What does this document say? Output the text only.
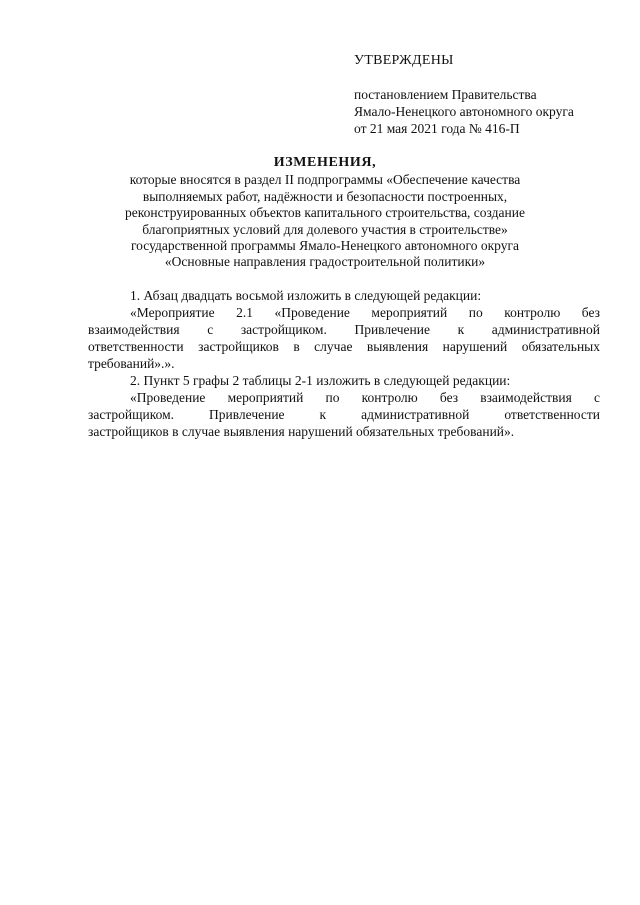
УТВЕРЖДЕНЫ
постановлением Правительства
Ямало-Ненецкого автономного округа
от 21 мая 2021 года № 416-П
ИЗМЕНЕНИЯ,
которые вносятся в раздел II подпрограммы «Обеспечение качества
выполняемых работ, надёжности и безопасности построенных,
реконструированных объектов капитального строительства, создание
благоприятных условий для долевого участия в строительстве»
государственной программы Ямало-Ненецкого автономного округа
«Основные направления градостроительной политики»
1. Абзац двадцать восьмой изложить в следующей редакции:
«Мероприятие 2.1 «Проведение мероприятий по контролю без
взаимодействия с застройщиком. Привлечение к административной
ответственности застройщиков в случае выявления нарушений обязательных
требований».».
2. Пункт 5 графы 2 таблицы 2-1 изложить в следующей редакции:
«Проведение мероприятий по контролю без взаимодействия с
застройщиком. Привлечение к административной ответственности
застройщиков в случае выявления нарушений обязательных требований».
